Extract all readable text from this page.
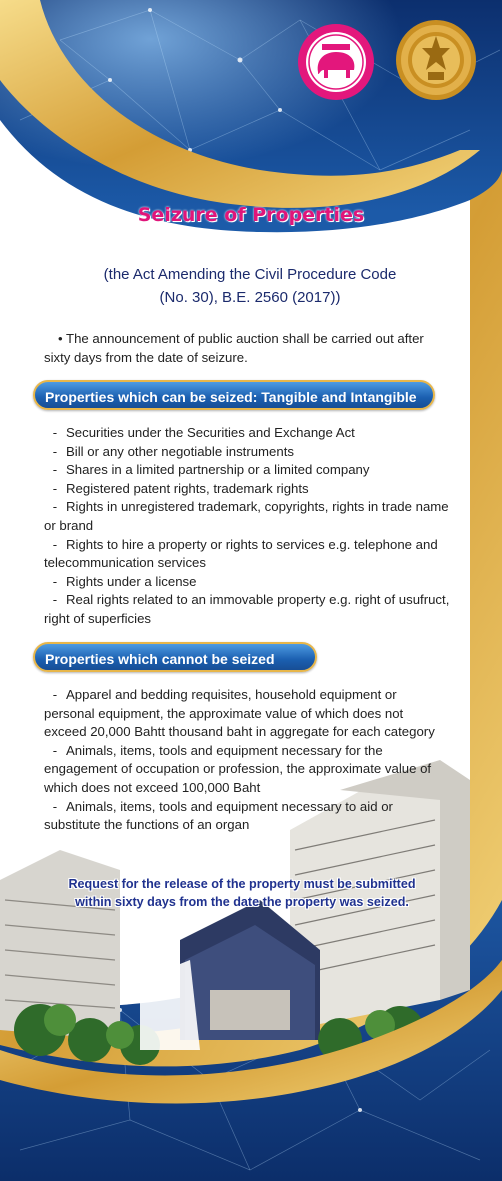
Seizure of Properties
(the Act Amending the Civil Procedure Code
(No. 30), B.E. 2560 (2017))
• The announcement of public auction shall be carried out after sixty days from the date of seizure.
Properties which can be seized: Tangible and Intangible
- Securities under the Securities and Exchange Act
- Bill or any other negotiable instruments
- Shares in a limited partnership or a limited company
- Registered patent rights, trademark rights
- Rights in unregistered trademark, copyrights, rights in trade name or brand
- Rights to hire a property or rights to services e.g. telephone and telecommunication services
- Rights under a license
- Real rights related to an immovable property e.g. right of usufruct, right of superficies
Properties which cannot be seized
- Apparel and bedding requisites, household equipment or personal equipment, the approximate value of which does not exceed 20,000 Bahtt thousand baht in aggregate for each category
- Animals, items, tools and equipment necessary for the engagement of occupation or profession, the approximate value of which does not exceed 100,000 Baht
- Animals, items, tools and equipment necessary to aid or substitute the functions of an organ
Request for the release of the property must be submitted within sixty days from the date the property was seized.
